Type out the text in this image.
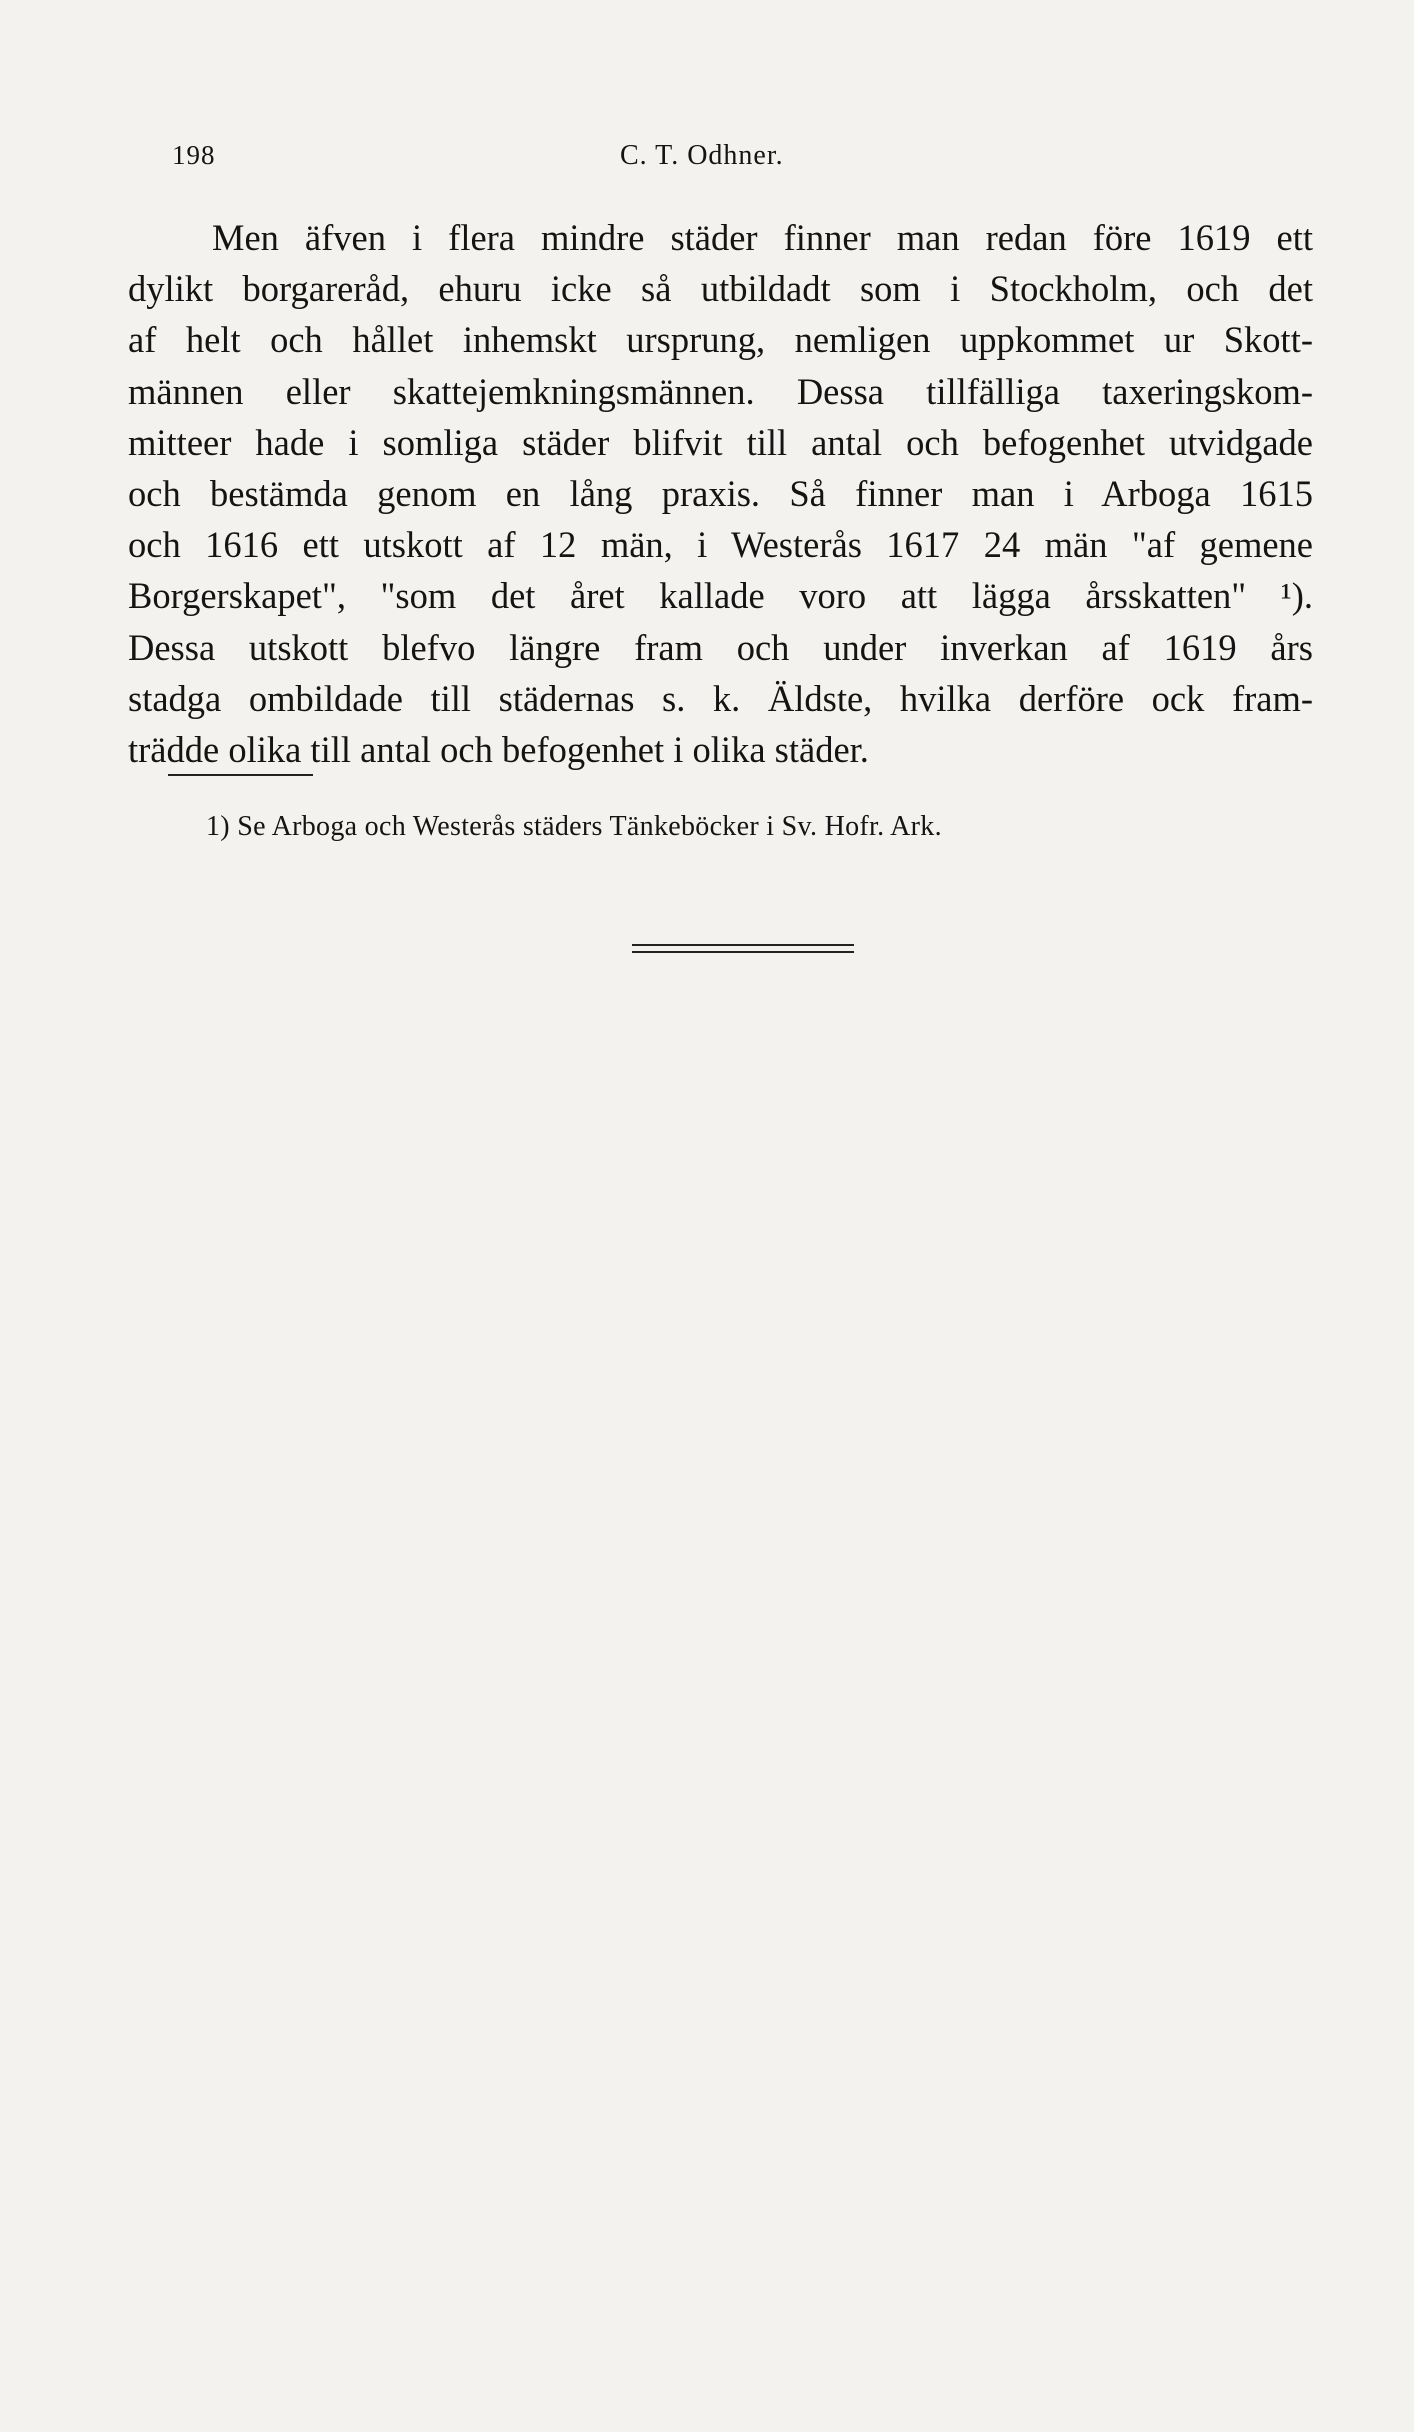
198	C. T. Odhner.
Men äfven i flera mindre städer finner man redan före 1619 ett
dylikt borgareråd, ehuru icke så utbildadt som i Stockholm, och det
af helt och hållet inhemskt ursprung, nemligen uppkommet ur Skott-
männen eller skattejemkningsmännen. Dessa tillfälliga taxeringskom-
mitteer hade i somliga städer blifvit till antal och befogenhet utvidgade
och bestämda genom en lång praxis. Så finner man i Arboga 1615
och 1616 ett utskott af 12 män, i Westerås 1617 24 män "af gemene
Borgerskapet", "som det året kallade voro att lägga årsskatten" ¹).
Dessa utskott blefvo längre fram och under inverkan af 1619 års
stadga ombildade till städernas s. k. Äldste, hvilka derföre ock fram-
trädde olika till antal och befogenhet i olika städer.
1) Se Arboga och Westerås städers Tänkeböcker i Sv. Hofr. Ark.
